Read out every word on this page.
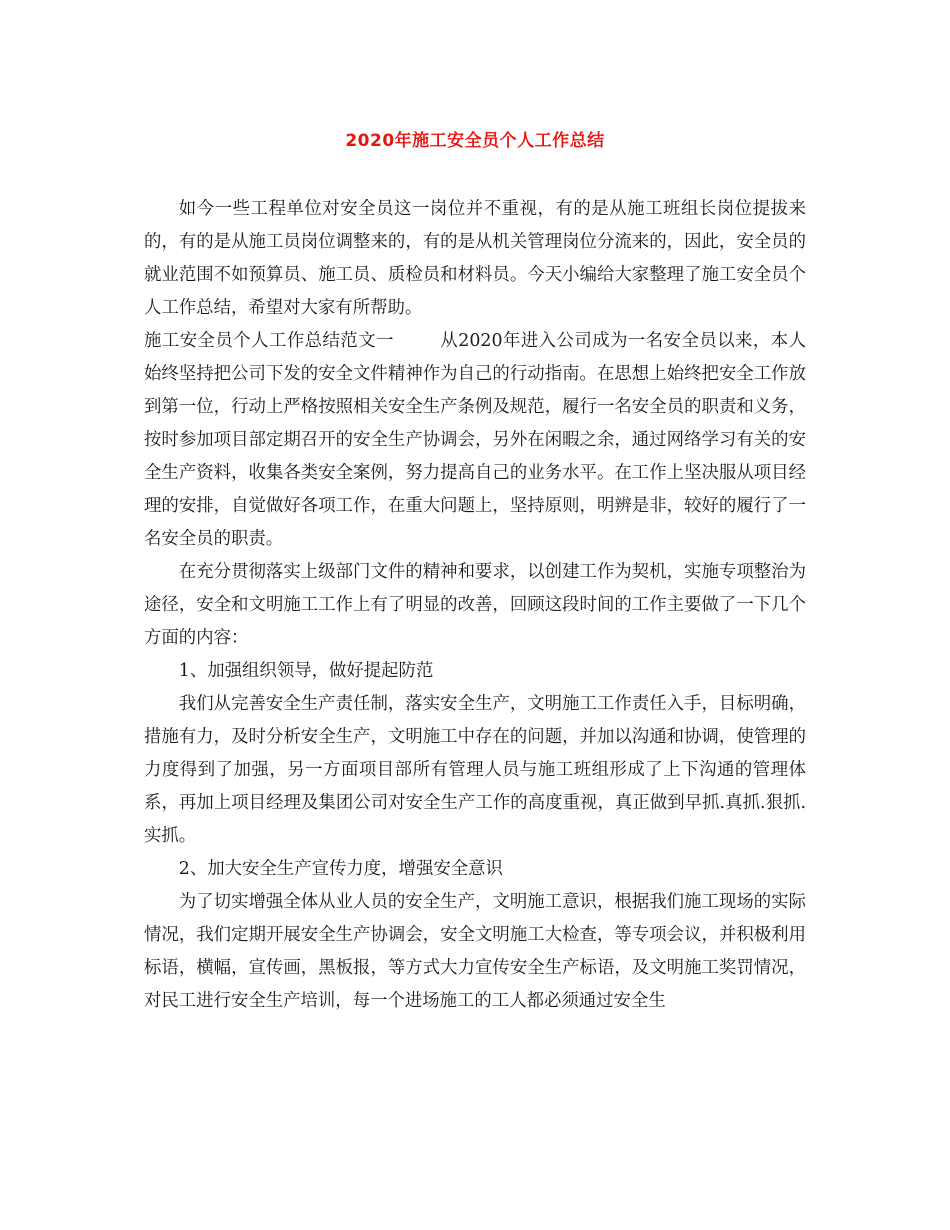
2020年施工安全员个人工作总结

如今一些工程单位对安全员这一岗位并不重视，有的是从施工班组长岗位提拔来的，有的是从施工员岗位调整来的，有的是从机关管理岗位分流来的，因此，安全员的就业范围不如预算员、施工员、质检员和材料员。今天小编给大家整理了施工安全员个人工作总结，希望对大家有所帮助。

施工安全员个人工作总结范文一	从2020年进入公司成为一名安全员以来，本人始终坚持把公司下发的安全文件精神作为自己的行动指南。在思想上始终把安全工作放到第一位，行动上严格按照相关安全生产条例及规范，履行一名安全员的职责和义务，按时参加项目部定期召开的安全生产协调会，另外在闲暇之余，通过网络学习有关的安全生产资料，收集各类安全案例，努力提高自己的业务水平。在工作上坚决服从项目经理的安排，自觉做好各项工作，在重大问题上，坚持原则，明辨是非，较好的履行了一名安全员的职责。

在充分贯彻落实上级部门文件的精神和要求，以创建工作为契机，实施专项整治为途径，安全和文明施工工作上有了明显的改善，回顾这段时间的工作主要做了一下几个方面的内容：

1、加强组织领导，做好提起防范

我们从完善安全生产责任制，落实安全生产，文明施工工作责任入手，目标明确，措施有力，及时分析安全生产，文明施工中存在的问题，并加以沟通和协调，使管理的力度得到了加强，另一方面项目部所有管理人员与施工班组形成了上下沟通的管理体系，再加上项目经理及集团公司对安全生产工作的高度重视，真正做到早抓.真抓.狠抓.实抓。

2、加大安全生产宣传力度，增强安全意识

为了切实增强全体从业人员的安全生产，文明施工意识，根据我们施工现场的实际情况，我们定期开展安全生产协调会，安全文明施工大检查，等专项会议，并积极利用标语，横幅，宣传画，黑板报，等方式大力宣传安全生产标语，及文明施工奖罚情况，对民工进行安全生产培训，每一个进场施工的工人都必须通过安全生
